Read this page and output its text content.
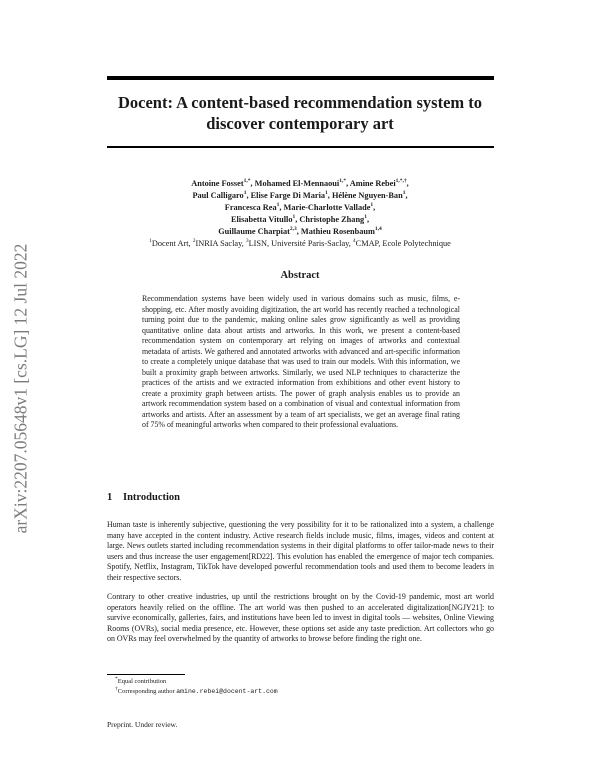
arXiv:2207.05648v1 [cs.LG] 12 Jul 2022
Docent: A content-based recommendation system to discover contemporary art
Antoine Fosset$^{1,*}$, Mohamed El-Mennaoui$^{1,*}$, Amine Rebei$^{1,*,\dagger}$,
Paul Calligaro$^1$, Elise Farge Di Maria$^1$, Hélène Nguyen-Ban$^1$,
Francesca Rea$^1$, Marie-Charlotte Vallade$^1$,
Elisabetta Vitullo$^1$, Christophe Zhang$^1$,
Guillaume Charpiat$^{2,3}$, Mathieu Rosenbaum$^{1,4}$
$^1$Docent Art, $^2$INRIA Saclay, $^3$LISN, Université Paris-Saclay, $^4$CMAP, Ecole Polytechnique
Abstract

Recommendation systems have been widely used in various domains such as music, films, e-shopping, etc. After mostly avoiding digitization, the art world has recently reached a technological turning point due to the pandemic, making online sales grow significantly as well as providing quantitative online data about artists and artworks. In this work, we present a content-based recommendation system on contemporary art relying on images of artworks and contextual metadata of artists. We gathered and annotated artworks with advanced and art-specific information to create a completely unique database that was used to train our models. With this information, we built a proximity graph between artworks. Similarly, we used NLP techniques to characterize the practices of the artists and we extracted information from exhibitions and other event history to create a proximity graph between artists. The power of graph analysis enables us to provide an artwork recommendation system based on a combination of visual and contextual information from artworks and artists. After an assessment by a team of art specialists, we get an average final rating of 75% of meaningful artworks when compared to their professional evaluations.

1 Introduction

Human taste is inherently subjective, questioning the very possibility for it to be rationalized into a system, a challenge many have accepted in the content industry. Active research fields include music, films, images, videos and content at large. News outlets started including recommendation systems in their digital platforms to offer tailor-made news to their users and thus increase the user engagement[RD22]. This evolution has enabled the emergence of major tech companies. Spotify, Netflix, Instagram, TikTok have developed powerful recommendation tools and used them to become leaders in their respective sectors.

Contrary to other creative industries, up until the restrictions brought on by the Covid-19 pandemic, most art world operators heavily relied on the offline. The art world was then pushed to an accelerated digitalization[NGJY21]: to survive economically, galleries, fairs, and institutions have been led to invest in digital tools — websites, Online Viewing Rooms (OVRs), social media presence, etc. However, these options set aside any taste prediction. Art collectors who go on OVRs may feel overwhelmed by the quantity of artworks to browse before finding the right one.

*Equal contribution
†Corresponding author amine.rebei@docent-art.com
Preprint. Under review.
